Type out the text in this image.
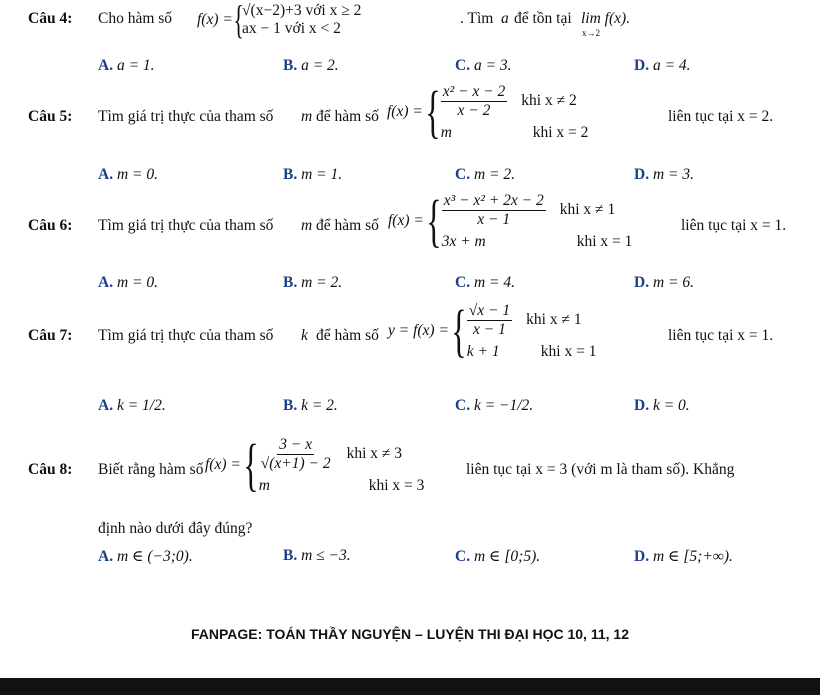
Câu 4: Cho hàm số f(x) = {
√(x−2)+3 với x ≥ 2
ax − 1 với x < 2
. Tìm a để tồn tại lim f(x).
x→2
A. a = 1.	B. a = 2.	C. a = 3.	D. a = 4.
Câu 5: Tìm giá trị thực của tham số m để hàm số f(x) = { $\frac{\text{x² − x − 2}}{x - 2}$ khi x ≠ 2
m	khi x = 2
liên tục tại x = 2.
A. m = 0.	B. m = 1.	C. m = 2.	D. m = 3.
Câu 6: Tìm giá trị thực của tham số m để hàm số f(x) = { $\frac{\text{x³ − x² + 2x − 2}}{x - 1}$ khi x ≠ 1
3x + m	khi x = 1
liên tục tại x = 1.
A. m = 0.	B. m = 2.	C. m = 4.	D. m = 6.
Câu 7: Tìm giá trị thực của tham số k để hàm số y = f(x) = { $\frac{√x - 1}{x - 1}$ khi x ≠ 1
k + 1	khi x = 1
liên tục tại x = 1.
A. k = 1/2.	B. k = 2.	C. k = −1/2.	D. k = 0.
Câu 8: Biết rằng hàm số f(x) = { $\frac{3 - x}{√(x+1) - 2}$ khi x ≠ 3
m	khi x = 3
liên tục tại x = 3 (với m là tham số). Khẳng
định nào dưới đây đúng?
A. m ∈ (−3;0).	B. m ≤ −3.	C. m ∈ [0;5).	D. m ∈ [5;+∞).
FANPAGE: TOÁN THẦY NGUYỆN – LUYỆN THI ĐẠI HỌC 10, 11, 12
